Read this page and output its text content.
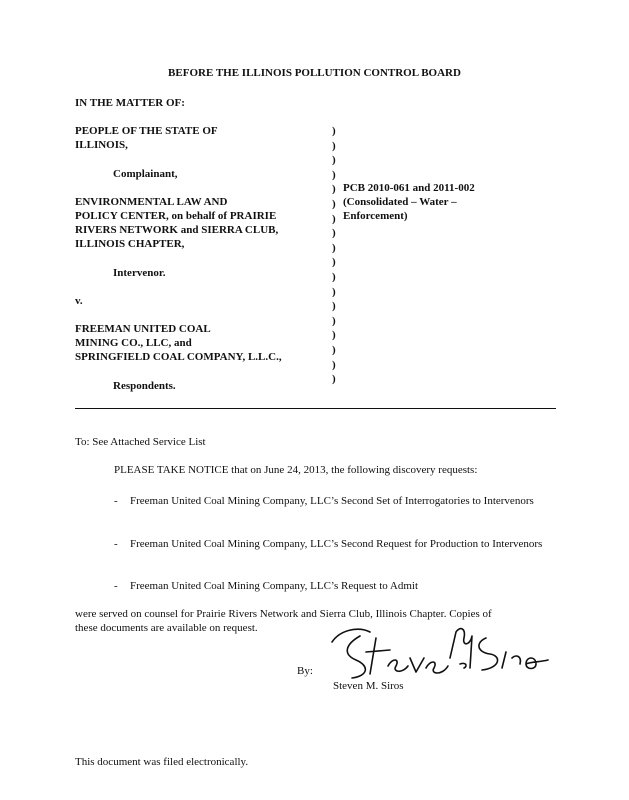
BEFORE THE ILLINOIS POLLUTION CONTROL BOARD
IN THE MATTER OF:
PEOPLE OF THE STATE OF
ILLINOIS,
Complainant,
ENVIRONMENTAL LAW AND
POLICY CENTER, on behalf of PRAIRIE
RIVERS NETWORK and SIERRA CLUB,
ILLINOIS CHAPTER,
Intervenor.
v.
FREEMAN UNITED COAL
MINING CO., LLC, and
SPRINGFIELD COAL COMPANY, L.L.C.,
Respondents.
)
)
)
)
)
)
)
)
)
)
)
)
)
)
)
)
)
)
PCB 2010-061 and 2011-002
(Consolidated – Water –
Enforcement)
To: See Attached Service List
PLEASE TAKE NOTICE that on June 24, 2013, the following discovery requests:
- Freeman United Coal Mining Company, LLC’s Second Set of Interrogatories to Intervenors
- Freeman United Coal Mining Company, LLC’s Second Request for Production to Intervenors
- Freeman United Coal Mining Company, LLC’s Request to Admit
were served on counsel for Prairie Rivers Network and Sierra Club, Illinois Chapter. Copies of
these documents are available on request.
By:
Steven M. Siros
This document was filed electronically.
